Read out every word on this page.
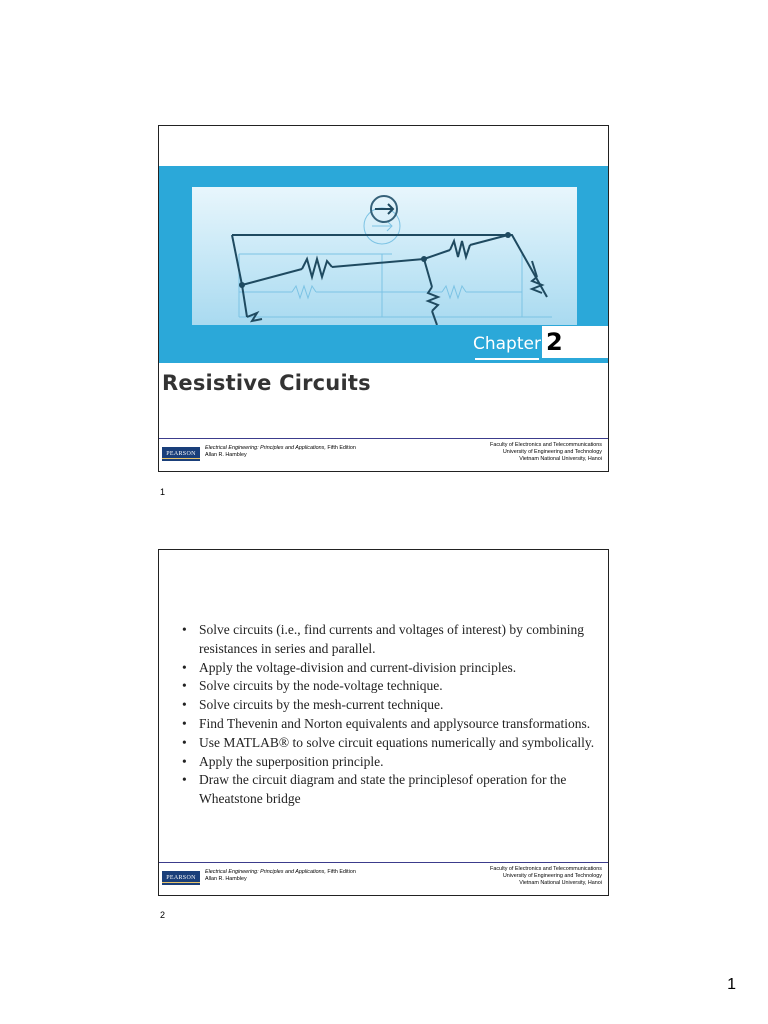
Chapter 2
Resistive Circuits
PEARSON
Electrical Engineering: Principles and Applications, Fifth Edition
Allan R. Hambley
Faculty of Electronics and Telecommunications
University of Engineering and Technology
Vietnam National University, Hanoi
1
• Solve circuits (i.e., find currents and voltages of interest) by combining resistances in series and parallel.
• Apply the voltage-division and current-division principles.
• Solve circuits by the node-voltage technique.
• Solve circuits by the mesh-current technique.
• Find Thevenin and Norton equivalents and applysource transformations.
• Use MATLAB® to solve circuit equations numerically and symbolically.
• Apply the superposition principle.
• Draw the circuit diagram and state the principlesof operation for the Wheatstone bridge
PEARSON
Electrical Engineering: Principles and Applications, Fifth Edition
Allan R. Hambley
Faculty of Electronics and Telecommunications
University of Engineering and Technology
Vietnam National University, Hanoi
2
1
